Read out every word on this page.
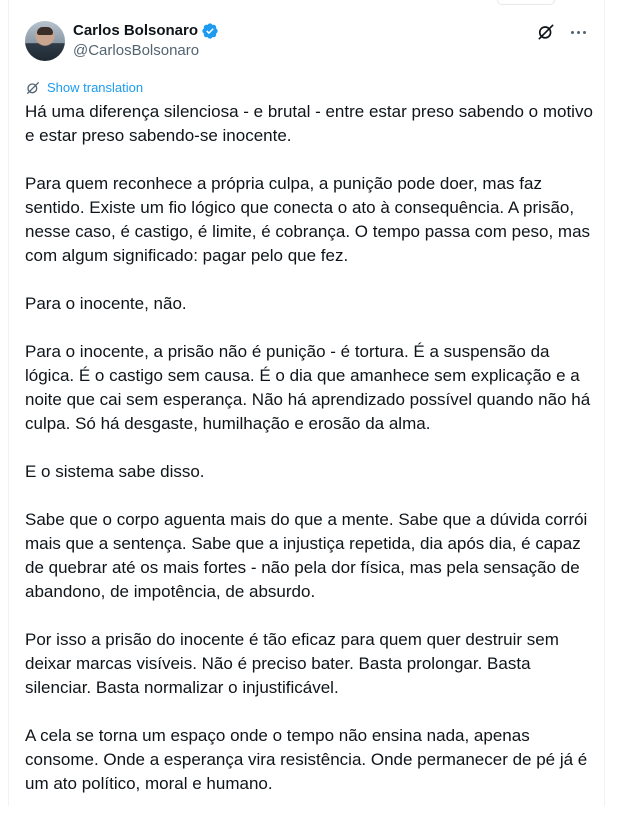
Carlos Bolsonaro
@CarlosBolsonaro
Show translation

Há uma diferença silenciosa - e brutal - entre estar preso sabendo o motivo e estar preso sabendo-se inocente.

Para quem reconhece a própria culpa, a punição pode doer, mas faz sentido. Existe um fio lógico que conecta o ato à consequência. A prisão, nesse caso, é castigo, é limite, é cobrança. O tempo passa com peso, mas com algum significado: pagar pelo que fez.

Para o inocente, não.

Para o inocente, a prisão não é punição - é tortura. É a suspensão da lógica. É o castigo sem causa. É o dia que amanhece sem explicação e a noite que cai sem esperança. Não há aprendizado possível quando não há culpa. Só há desgaste, humilhação e erosão da alma.

E o sistema sabe disso.

Sabe que o corpo aguenta mais do que a mente. Sabe que a dúvida corrói mais que a sentença. Sabe que a injustiça repetida, dia após dia, é capaz de quebrar até os mais fortes - não pela dor física, mas pela sensação de abandono, de impotência, de absurdo.

Por isso a prisão do inocente é tão eficaz para quem quer destruir sem deixar marcas visíveis. Não é preciso bater. Basta prolongar. Basta silenciar. Basta normalizar o injustificável.

A cela se torna um espaço onde o tempo não ensina nada, apenas consome. Onde a esperança vira resistência. Onde permanecer de pé já é um ato político, moral e humano.
